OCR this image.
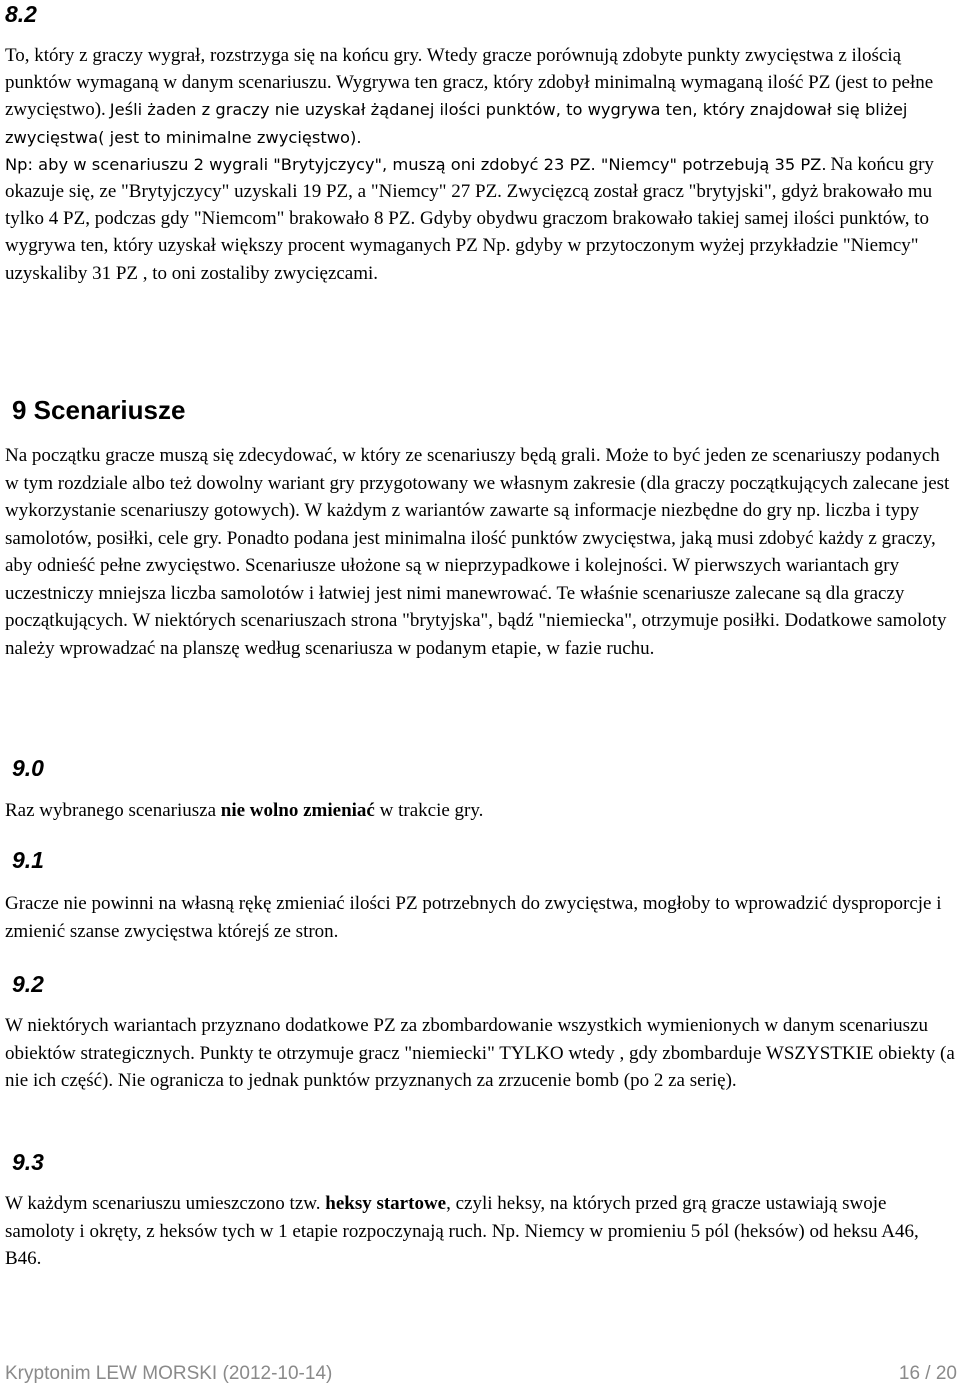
8.2
To, który z graczy wygrał, rozstrzyga się na końcu gry. Wtedy gracze porównują zdobyte punkty zwycięstwa z ilością punktów wymaganą w danym scenariuszu. Wygrywa ten gracz, który zdobył minimalną wymaganą ilość PZ (jest to pełne zwycięstwo). Jeśli żaden z graczy nie uzyskał żądanej ilości punktów, to wygrywa ten, który znajdował się bliżej zwycięstwa( jest to minimalne zwycięstwo).
Np: aby w scenariuszu 2 wygrali "Brytyjczycy", muszą oni zdobyć 23 PZ. "Niemcy" potrzebują 35 PZ. Na końcu gry okazuje się, ze "Brytyjczycy" uzyskali 19 PZ, a "Niemcy" 27 PZ. Zwycięzcą został gracz "brytyjski", gdyż brakowało mu tylko 4 PZ, podczas gdy "Niemcom" brakowało 8 PZ. Gdyby obydwu graczom brakowało takiej samej ilości punktów, to wygrywa ten, który uzyskał większy procent wymaganych PZ Np. gdyby w przytoczonym wyżej przykładzie "Niemcy" uzyskaliby 31 PZ , to oni zostaliby zwycięzcami.
9 Scenariusze
Na początku gracze muszą się zdecydować, w który ze scenariuszy będą grali. Może to być jeden ze scenariuszy podanych w tym rozdziale albo też dowolny wariant gry przygotowany we własnym zakresie (dla graczy początkujących zalecane jest wykorzystanie scenariuszy gotowych). W każdym z wariantów zawarte są informacje niezbędne do gry np. liczba i typy samolotów, posiłki, cele gry. Ponadto podana jest minimalna ilość punktów zwycięstwa, jaką musi zdobyć każdy z graczy, aby odnieść pełne zwycięstwo. Scenariusze ułożone są w nieprzypadkowe i kolejności. W pierwszych wariantach gry uczestniczy mniejsza liczba samolotów i łatwiej jest nimi manewrować. Te właśnie scenariusze zalecane są dla graczy początkujących. W niektórych scenariuszach strona "brytyjska", bądź "niemiecka", otrzymuje posiłki. Dodatkowe samoloty należy wprowadzać na planszę według scenariusza w podanym etapie, w fazie ruchu.
9.0
Raz wybranego scenariusza nie wolno zmieniać w trakcie gry.
9.1
Gracze nie powinni na własną rękę zmieniać ilości PZ potrzebnych do zwycięstwa, mogłoby to wprowadzić dysproporcje i zmienić szanse zwycięstwa którejś ze stron.
9.2
W niektórych wariantach przyznano dodatkowe PZ za zbombardowanie wszystkich wymienionych w danym scenariuszu obiektów strategicznych. Punkty te otrzymuje gracz "niemiecki" TYLKO wtedy , gdy zbombarduje WSZYSTKIE obiekty (a nie ich część). Nie ogranicza to jednak punktów przyznanych za zrzucenie bomb (po 2 za serię).
9.3
W każdym scenariuszu umieszczono tzw. heksy startowe, czyli heksy, na których przed grą gracze ustawiają swoje samoloty i okręty, z heksów tych w 1 etapie rozpoczynają ruch. Np. Niemcy w promieniu 5 pól (heksów) od heksu A46, B46.
Kryptonim LEW MORSKI (2012-10-14)	16 / 20
